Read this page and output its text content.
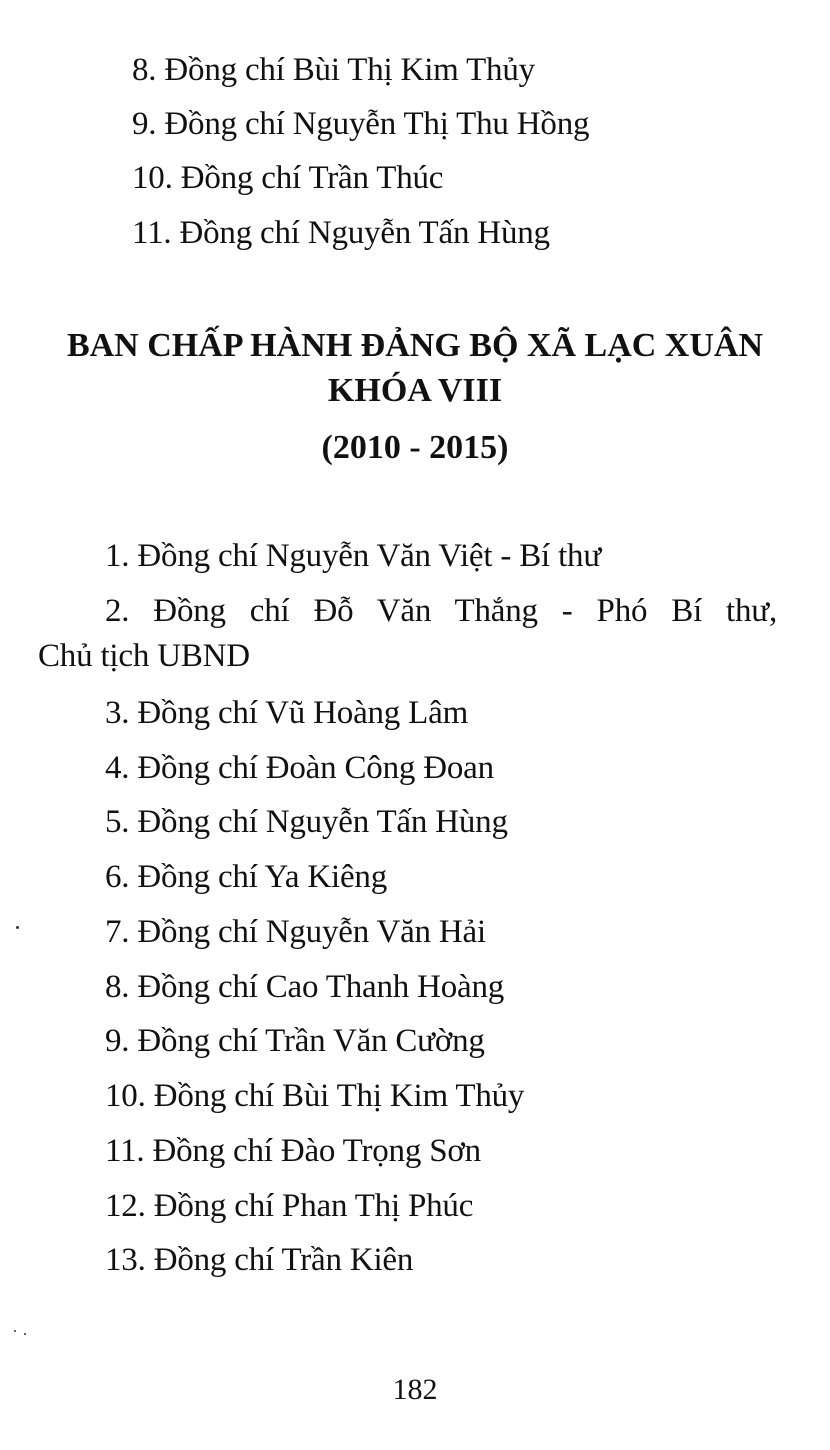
8. Đồng chí Bùi Thị Kim Thủy
9. Đồng chí Nguyễn Thị Thu Hồng
10. Đồng chí Trần Thúc
11. Đồng chí Nguyễn Tấn Hùng
BAN CHẤP HÀNH ĐẢNG BỘ XÃ LẠC XUÂN
KHÓA VIII
(2010 - 2015)
1. Đồng chí Nguyễn Văn Việt - Bí thư
2. Đồng chí Đỗ Văn Thắng - Phó Bí thư,
Chủ tịch UBND
3. Đồng chí Vũ Hoàng Lâm
4. Đồng chí Đoàn Công Đoan
5. Đồng chí Nguyễn Tấn Hùng
6. Đồng chí Ya Kiêng
7. Đồng chí Nguyễn Văn Hải
8. Đồng chí Cao Thanh Hoàng
9. Đồng chí Trần Văn Cường
10. Đồng chí Bùi Thị Kim Thủy
11. Đồng chí Đào Trọng Sơn
12. Đồng chí Phan Thị Phúc
13. Đồng chí Trần Kiên
182
